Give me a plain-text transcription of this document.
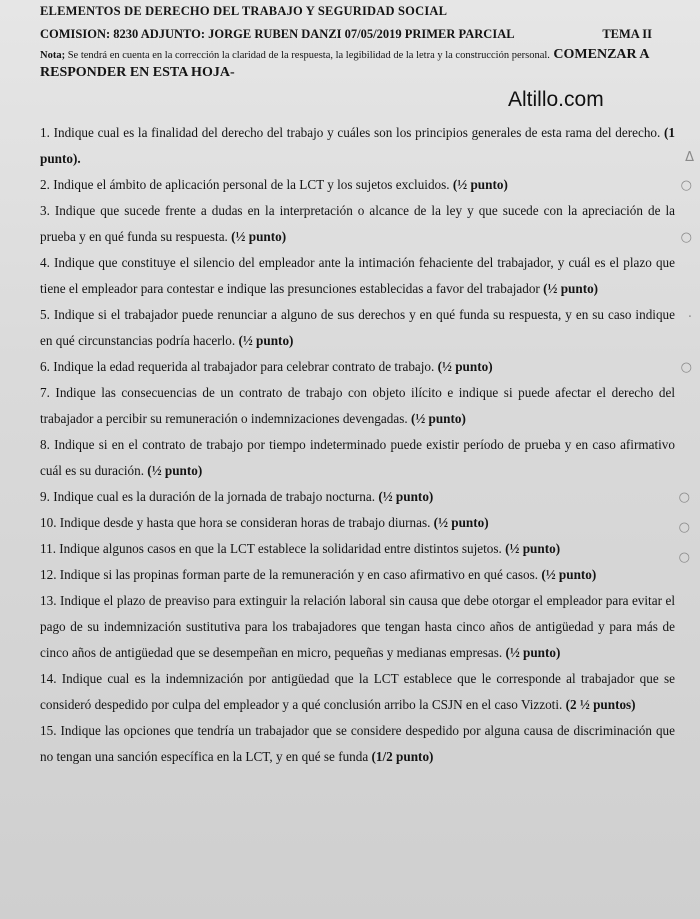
ELEMENTOS DE DERECHO DEL TRABAJO Y SEGURIDAD SOCIAL
COMISION: 8230 ADJUNTO: JORGE RUBEN DANZI 07/05/2019 PRIMER PARCIAL	TEMA II
Nota; Se tendrá en cuenta en la corrección la claridad de la respuesta, la legibilidad de la letra y la construcción personal. COMENZAR A RESPONDER EN ESTA HOJA-
Altillo.com

1. Indique cual es la finalidad del derecho del trabajo y cuáles son los principios generales de esta rama del derecho. (1 punto).

2. Indique el ámbito de aplicación personal de la LCT y los sujetos excluidos. (½ punto)

3. Indique que sucede frente a dudas en la interpretación o alcance de la ley y que sucede con la apreciación de la prueba y en qué funda su respuesta. (½ punto)

4. Indique que constituye el silencio del empleador ante la intimación fehaciente del trabajador, y cuál es el plazo que tiene el empleador para contestar e indique las presunciones establecidas a favor del trabajador (½ punto)

5. Indique si el trabajador puede renunciar a alguno de sus derechos y en qué funda su respuesta, y en su caso indique en qué circunstancias podría hacerlo. (½ punto)

6. Indique la edad requerida al trabajador para celebrar contrato de trabajo. (½ punto)

7. Indique las consecuencias de un contrato de trabajo con objeto ilícito e indique si puede afectar el derecho del trabajador a percibir su remuneración o indemnizaciones devengadas. (½ punto)

8. Indique si en el contrato de trabajo por tiempo indeterminado puede existir período de prueba y en caso afirmativo cuál es su duración. (½ punto)

9. Indique cual es la duración de la jornada de trabajo nocturna. (½ punto)

10. Indique desde y hasta que hora se consideran horas de trabajo diurnas. (½ punto)

11. Indique algunos casos en que la LCT establece la solidaridad entre distintos sujetos. (½ punto)

12. Indique si las propinas forman parte de la remuneración y en caso afirmativo en qué casos. (½ punto)

13. Indique el plazo de preaviso para extinguir la relación laboral sin causa que debe otorgar el empleador para evitar el pago de su indemnización sustitutiva para los trabajadores que tengan hasta cinco años de antigüedad y para más de cinco años de antigüedad que se desempeñan en micro, pequeñas y medianas empresas. (½ punto)

14. Indique cual es la indemnización por antigüedad que la LCT establece que le corresponde al trabajador que se consideró despedido por culpa del empleador y a qué conclusión arribo la CSJN en el caso Vizzoti. (2 ½ puntos)

15. Indique las opciones que tendría un trabajador que se considere despedido por alguna causa de discriminación que no tengan una sanción específica en la LCT, y en qué se funda (1/2 punto)

Δ
○
○
·
○
○
○
○
